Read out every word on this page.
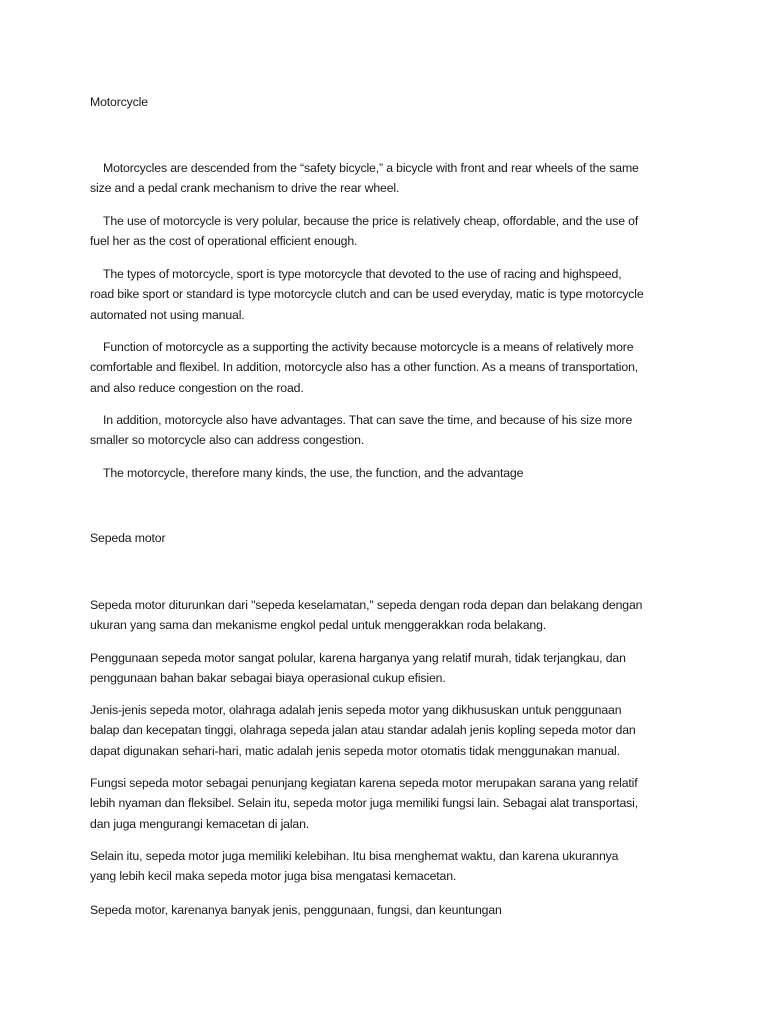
Motorcycle
Motorcycles are descended from the “safety bicycle,” a bicycle with front and rear wheels of the same
size and a pedal crank mechanism to drive the rear wheel.
The use of motorcycle is very polular, because the price is relatively cheap, offordable, and the use of
fuel her as the cost of operational efficient enough.
The types of motorcycle, sport is type motorcycle that devoted to the use of racing and highspeed,
road bike sport or standard is type motorcycle clutch and can be used everyday, matic is type motorcycle
automated not using manual.
Function of motorcycle as a supporting the activity because motorcycle is a means of relatively more
comfortable and flexibel. In addition, motorcycle also has a other function. As a means of transportation,
and also reduce congestion on the road.
In addition, motorcycle also have advantages. That can save the time, and because of his size more
smaller so motorcycle also can address congestion.
The motorcycle, therefore many kinds, the use, the function, and the advantage
Sepeda motor
Sepeda motor diturunkan dari "sepeda keselamatan," sepeda dengan roda depan dan belakang dengan
ukuran yang sama dan mekanisme engkol pedal untuk menggerakkan roda belakang.
Penggunaan sepeda motor sangat polular, karena harganya yang relatif murah, tidak terjangkau, dan
penggunaan bahan bakar sebagai biaya operasional cukup efisien.
Jenis-jenis sepeda motor, olahraga adalah jenis sepeda motor yang dikhususkan untuk penggunaan
balap dan kecepatan tinggi, olahraga sepeda jalan atau standar adalah jenis kopling sepeda motor dan
dapat digunakan sehari-hari, matic adalah jenis sepeda motor otomatis tidak menggunakan manual.
Fungsi sepeda motor sebagai penunjang kegiatan karena sepeda motor merupakan sarana yang relatif
lebih nyaman dan fleksibel. Selain itu, sepeda motor juga memiliki fungsi lain. Sebagai alat transportasi,
dan juga mengurangi kemacetan di jalan.
Selain itu, sepeda motor juga memiliki kelebihan. Itu bisa menghemat waktu, dan karena ukurannya
yang lebih kecil maka sepeda motor juga bisa mengatasi kemacetan.
Sepeda motor, karenanya banyak jenis, penggunaan, fungsi, dan keuntungan
